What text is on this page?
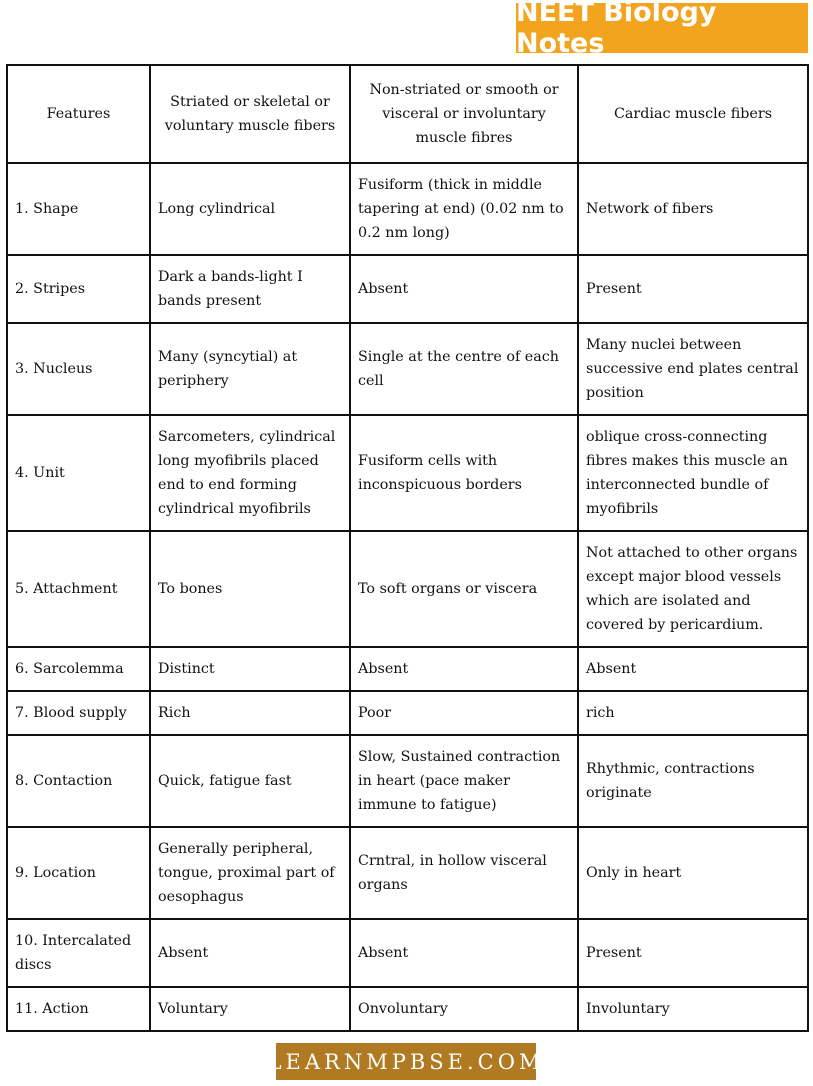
NEET Biology Notes
Features	Striated or skeletal or voluntary muscle fibers	Non-striated or smooth or visceral or involuntary muscle fibres	Cardiac muscle fibers
1. Shape	Long cylindrical	Fusiform (thick in middle tapering at end) (0.02 nm to 0.2 nm long)	Network of fibers
2. Stripes	Dark a bands-light I bands present	Absent	Present
3. Nucleus	Many (syncytial) at periphery	Single at the centre of each cell	Many nuclei between successive end plates central position
4. Unit	Sarcometers, cylindrical long myofibrils placed end to end forming cylindrical myofibrils	Fusiform cells with inconspicuous borders	oblique cross-connecting fibres makes this muscle an interconnected bundle of myofibrils
5. Attachment	To bones	To soft organs or viscera	Not attached to other organs except major blood vessels which are isolated and covered by pericardium.
6. Sarcolemma	Distinct	Absent	Absent
7. Blood supply	Rich	Poor	rich
8. Contaction	Quick, fatigue fast	Slow, Sustained contraction in heart (pace maker immune to fatigue)	Rhythmic, contractions originate
9. Location	Generally peripheral, tongue, proximal part of oesophagus	Crntral, in hollow visceral organs	Only in heart
10. Intercalated discs	Absent	Absent	Present
11. Action	Voluntary	Onvoluntary	Involuntary
LEARNMPBSE.COM
